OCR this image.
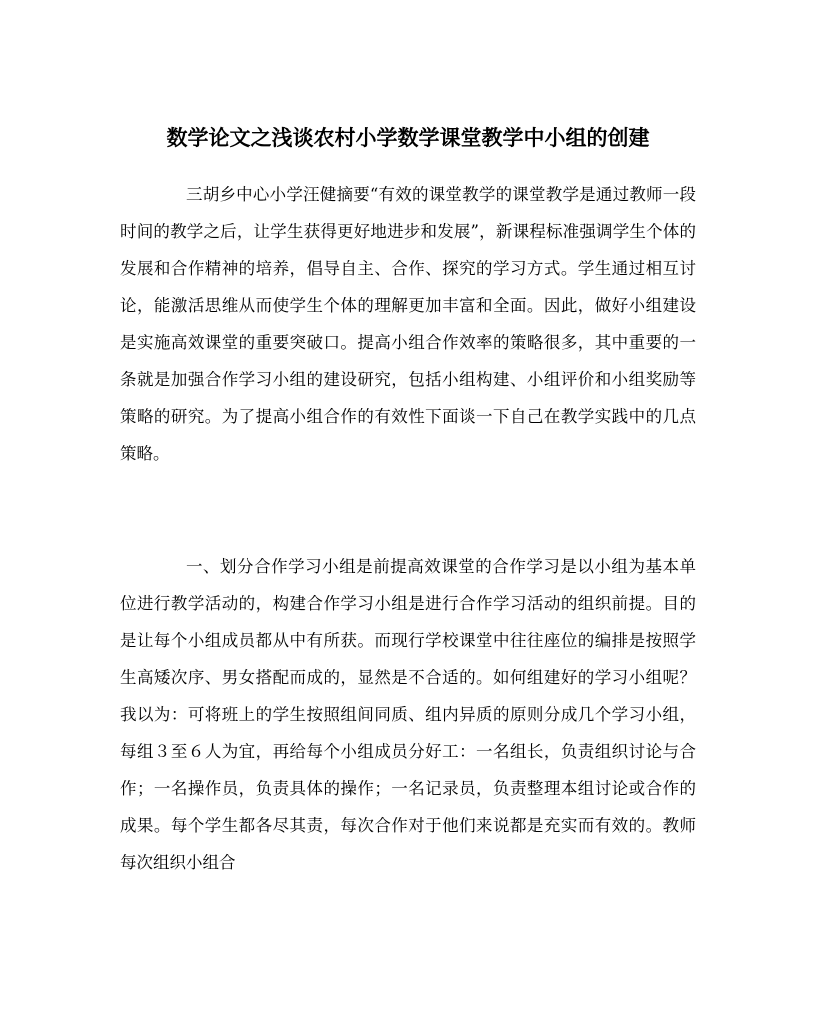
数学论文之浅谈农村小学数学课堂教学中小组的创建

三胡乡中心小学汪健摘要“有效的课堂教学的课堂教学是通过教师一段时间的教学之后，让学生获得更好地进步和发展”，新课程标准强调学生个体的发展和合作精神的培养，倡导自主、合作、探究的学习方式。学生通过相互讨论，能激活思维从而使学生个体的理解更加丰富和全面。因此，做好小组建设是实施高效课堂的重要突破口。提高小组合作效率的策略很多，其中重要的一条就是加强合作学习小组的建设研究，包括小组构建、小组评价和小组奖励等策略的研究。为了提高小组合作的有效性下面谈一下自己在教学实践中的几点策略。

一、划分合作学习小组是前提高效课堂的合作学习是以小组为基本单位进行教学活动的，构建合作学习小组是进行合作学习活动的组织前提。目的是让每个小组成员都从中有所获。而现行学校课堂中往往座位的编排是按照学生高矮次序、男女搭配而成的，显然是不合适的。如何组建好的学习小组呢？我以为：可将班上的学生按照组间同质、组内异质的原则分成几个学习小组，每组３至６人为宜，再给每个小组成员分好工：一名组长，负责组织讨论与合作；一名操作员，负责具体的操作；一名记录员，负责整理本组讨论或合作的成果。每个学生都各尽其责，每次合作对于他们来说都是充实而有效的。教师每次组织小组合
